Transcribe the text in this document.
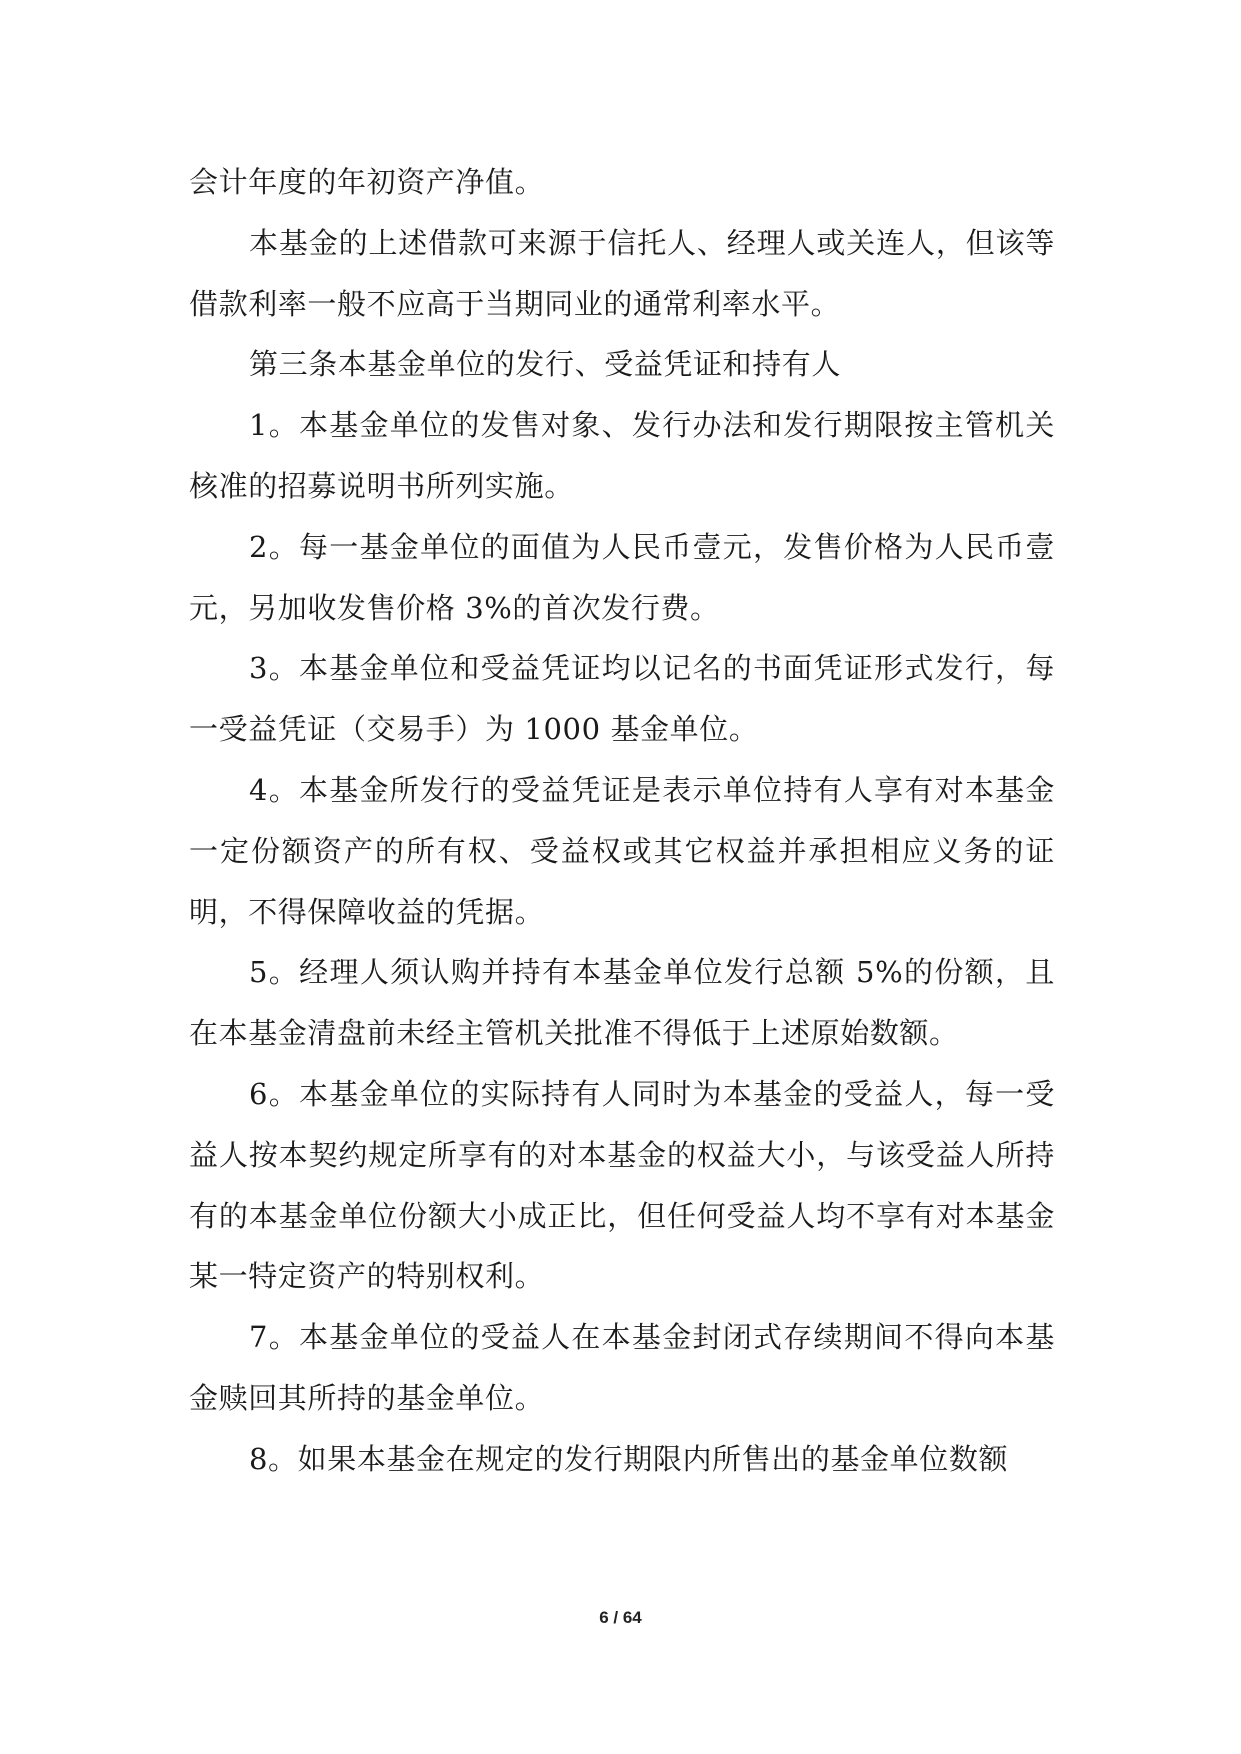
会计年度的年初资产净值。

本基金的上述借款可来源于信托人、经理人或关连人，但该等借款利率一般不应高于当期同业的通常利率水平。

第三条本基金单位的发行、受益凭证和持有人

1。本基金单位的发售对象、发行办法和发行期限按主管机关核准的招募说明书所列实施。

2。每一基金单位的面值为人民币壹元，发售价格为人民币壹元，另加收发售价格 3%的首次发行费。

3。本基金单位和受益凭证均以记名的书面凭证形式发行，每一受益凭证（交易手）为 1000 基金单位。

4。本基金所发行的受益凭证是表示单位持有人享有对本基金一定份额资产的所有权、受益权或其它权益并承担相应义务的证明，不得保障收益的凭据。

5。经理人须认购并持有本基金单位发行总额 5%的份额，且在本基金清盘前未经主管机关批准不得低于上述原始数额。

6。本基金单位的实际持有人同时为本基金的受益人，每一受益人按本契约规定所享有的对本基金的权益大小，与该受益人所持有的本基金单位份额大小成正比，但任何受益人均不享有对本基金某一特定资产的特别权利。

7。本基金单位的受益人在本基金封闭式存续期间不得向本基金赎回其所持的基金单位。

8。如果本基金在规定的发行期限内所售出的基金单位数额

6 / 64
